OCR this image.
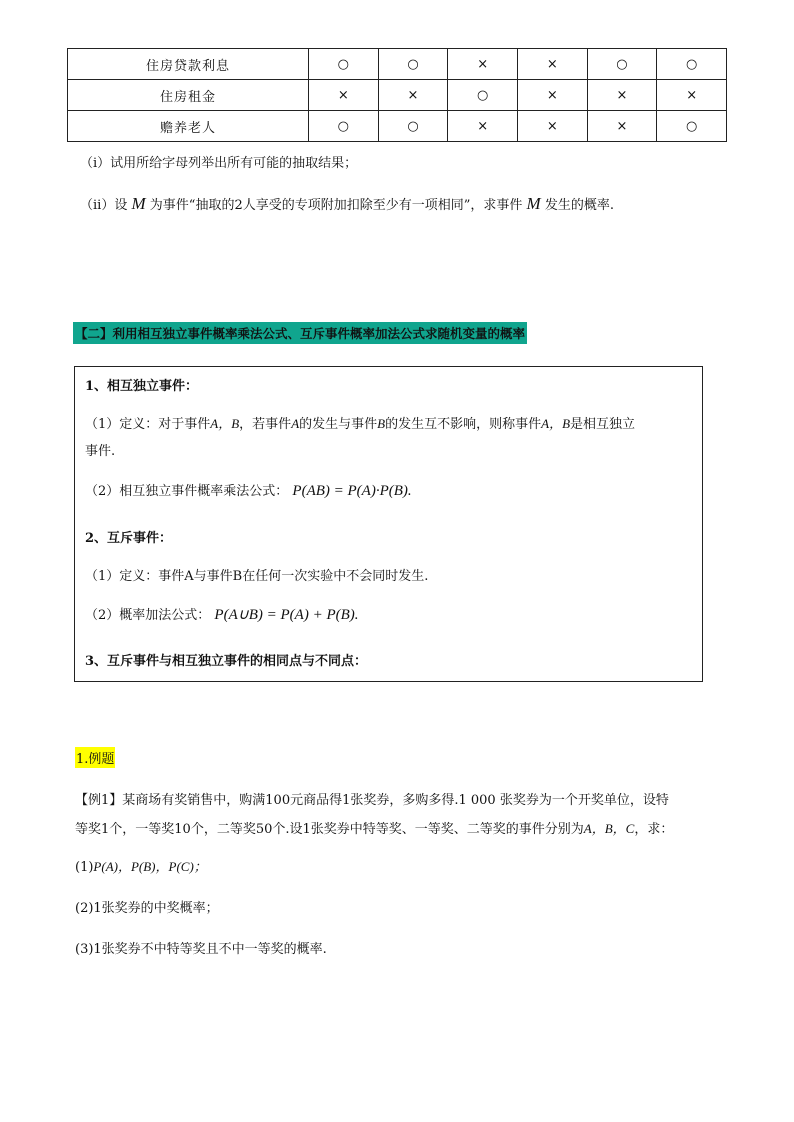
住房贷款利息	○	○	×	×	○	○
住房租金	×	×	○	×	×	×
赡养老人	○	○	×	×	×	○
（i）试用所给字母列举出所有可能的抽取结果；
（ii）设 M 为事件“抽取的2人享受的专项附加扣除至少有一项相同”，求事件 M 发生的概率.
【二】利用相互独立事件概率乘法公式、互斥事件概率加法公式求随机变量的概率
1、相互独立事件：
（1）定义：对于事件A，B，若事件A的发生与事件B的发生互不影响，则称事件A，B是相互独立
事件.
（2）相互独立事件概率乘法公式： P(AB) = P(A)·P(B).
2、互斥事件：
（1）定义：事件A与事件B在任何一次实验中不会同时发生.
（2）概率加法公式： P(A∪B) = P(A) + P(B).
3、互斥事件与相互独立事件的相同点与不同点：
1.例题
【例1】某商场有奖销售中，购满100元商品得1张奖券，多购多得.1 000 张奖券为一个开奖单位，设特
等奖1个，一等奖10个，二等奖50个.设1张奖券中特等奖、一等奖、二等奖的事件分别为A，B，C，求：
(1)P(A)，P(B)，P(C)；
(2)1张奖券的中奖概率；
(3)1张奖券不中特等奖且不中一等奖的概率.
